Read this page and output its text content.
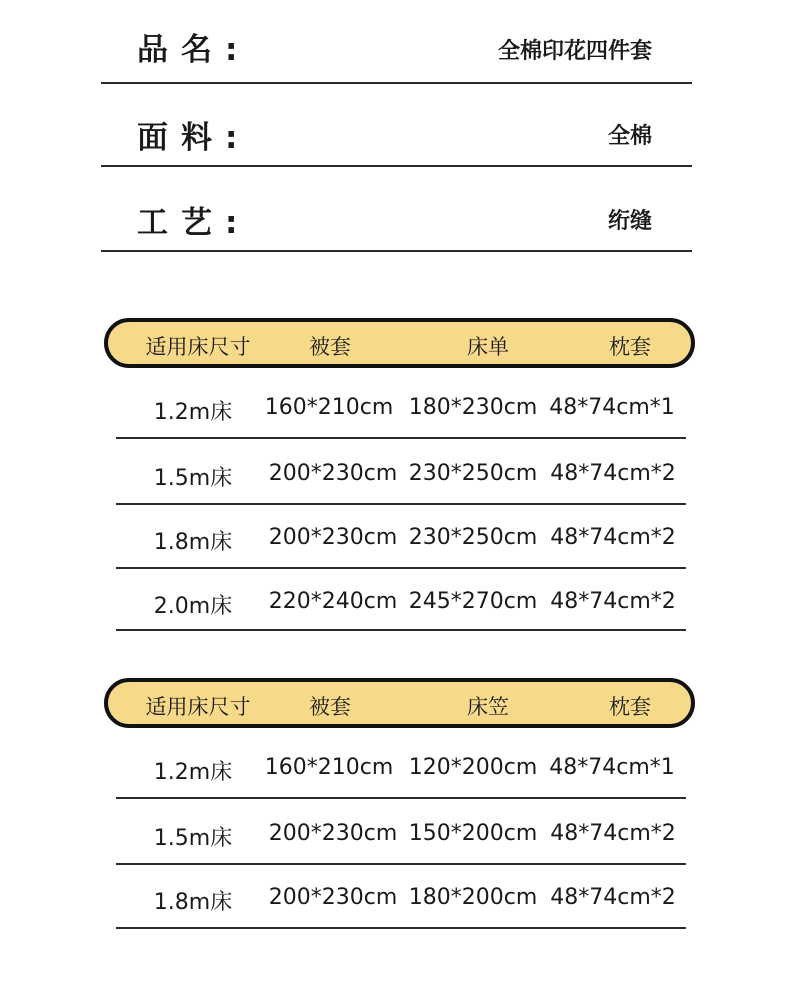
品名:	全棉印花四件套
面料:	全棉
工艺:	绗缝
适用床尺寸	被套	床单	枕套
1.2m床 160*210cm 180*230cm 48*74cm*1
1.5m床 200*230cm 230*250cm 48*74cm*2
1.8m床 200*230cm 230*250cm 48*74cm*2
2.0m床 220*240cm 245*270cm 48*74cm*2
适用床尺寸	被套	床笠	枕套
1.2m床 160*210cm 120*200cm 48*74cm*1
1.5m床 200*230cm 150*200cm 48*74cm*2
1.8m床 200*230cm 180*200cm 48*74cm*2
